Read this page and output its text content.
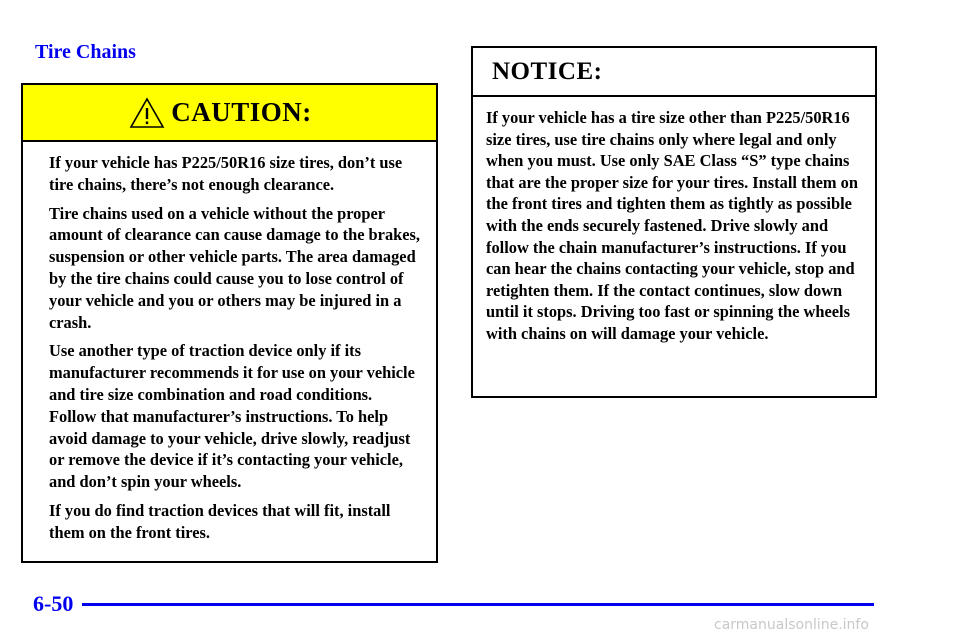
Tire Chains
CAUTION:

If your vehicle has P225/50R16 size tires, don’t use tire chains, there’s not enough clearance.

Tire chains used on a vehicle without the proper amount of clearance can cause damage to the brakes, suspension or other vehicle parts. The area damaged by the tire chains could cause you to lose control of your vehicle and you or others may be injured in a crash.

Use another type of traction device only if its manufacturer recommends it for use on your vehicle and tire size combination and road conditions. Follow that manufacturer’s instructions. To help avoid damage to your vehicle, drive slowly, readjust or remove the device if it’s contacting your vehicle, and don’t spin your wheels.

If you do find traction devices that will fit, install them on the front tires.

NOTICE:

If your vehicle has a tire size other than P225/50R16 size tires, use tire chains only where legal and only when you must. Use only SAE Class “S” type chains that are the proper size for your tires. Install them on the front tires and tighten them as tightly as possible with the ends securely fastened. Drive slowly and follow the chain manufacturer’s instructions. If you can hear the chains contacting your vehicle, stop and retighten them. If the contact continues, slow down until it stops. Driving too fast or spinning the wheels with chains on will damage your vehicle.

6-50
carmanualsonline.info
